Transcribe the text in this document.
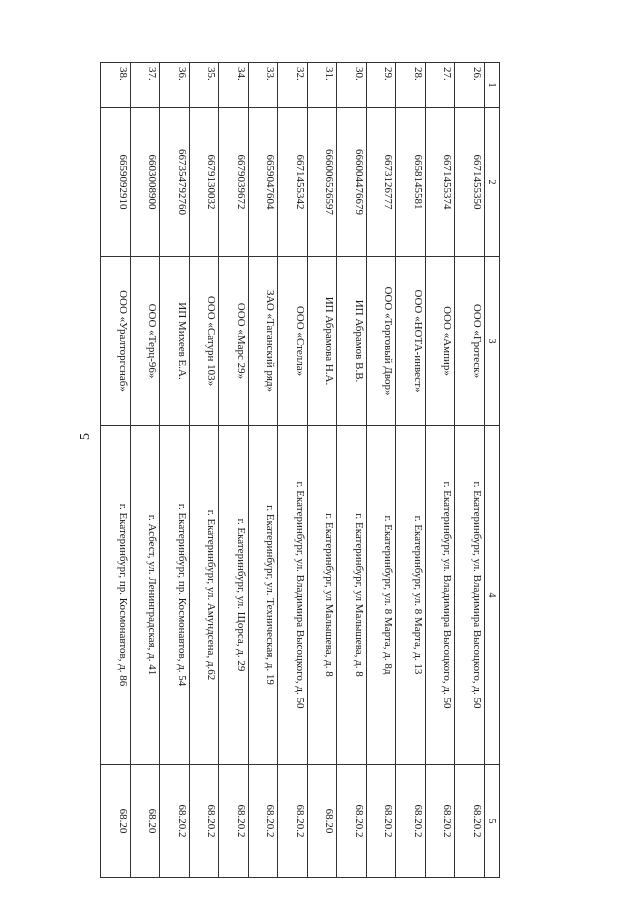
5
1	2	3	4	5
26.	6671455350	ООО «Гротеск»	г. Екатеринбург, ул. Владимира Высоцкого, д. 50	68.20.2
27.	6671455374	ООО «Ампир»	г. Екатеринбург, ул. Владимира Высоцкого, д. 50	68.20.2
28.	6658145581	ООО «НОТА-инвест»	г. Екатеринбург, ул. 8 Марта, д. 13	68.20.2
29.	6673126777	ООО «Торговый Двор»	г. Екатеринбург, ул. 8 Марта, д. 8д	68.20.2
30.	666004476679	ИП Абрамов В.В.	г. Екатеринбург, ул Малышева, д. 8	68.20.2
31.	666006526597	ИП Абрамова Н.А.	г. Екатеринбург, ул Малышева, д. 8	68.20
32.	6671455342	ООО «Стелла»	г. Екатеринбург, ул. Владимира Высоцкого, д. 50	68.20.2
33.	6659047604	ЗАО «Таганский ряд»	г. Екатеринбург, ул. Техническая, д. 19	68.20.2
34.	6679039672	ООО «Марс 29»	г. Екатеринбург, ул. Щорса, д. 29	68.20.2
35.	6679130032	ООО «Сатурн 103»	г. Екатеринбург, ул. Амундсена, д.62	68.20.2
36.	667354792760	ИП Михеев Е.А.	г. Екатеринбург, пр. Космонавтов, д. 54	68.20.2
37.	6603008900	ООО «Терц-96»	г. Асбест, ул. Ленинградская, д. 41	68.20
38.	6659092910	ООО «Уралторгснаб»	г. Екатеринбург, пр. Космонавтов, д. 86	68.20
